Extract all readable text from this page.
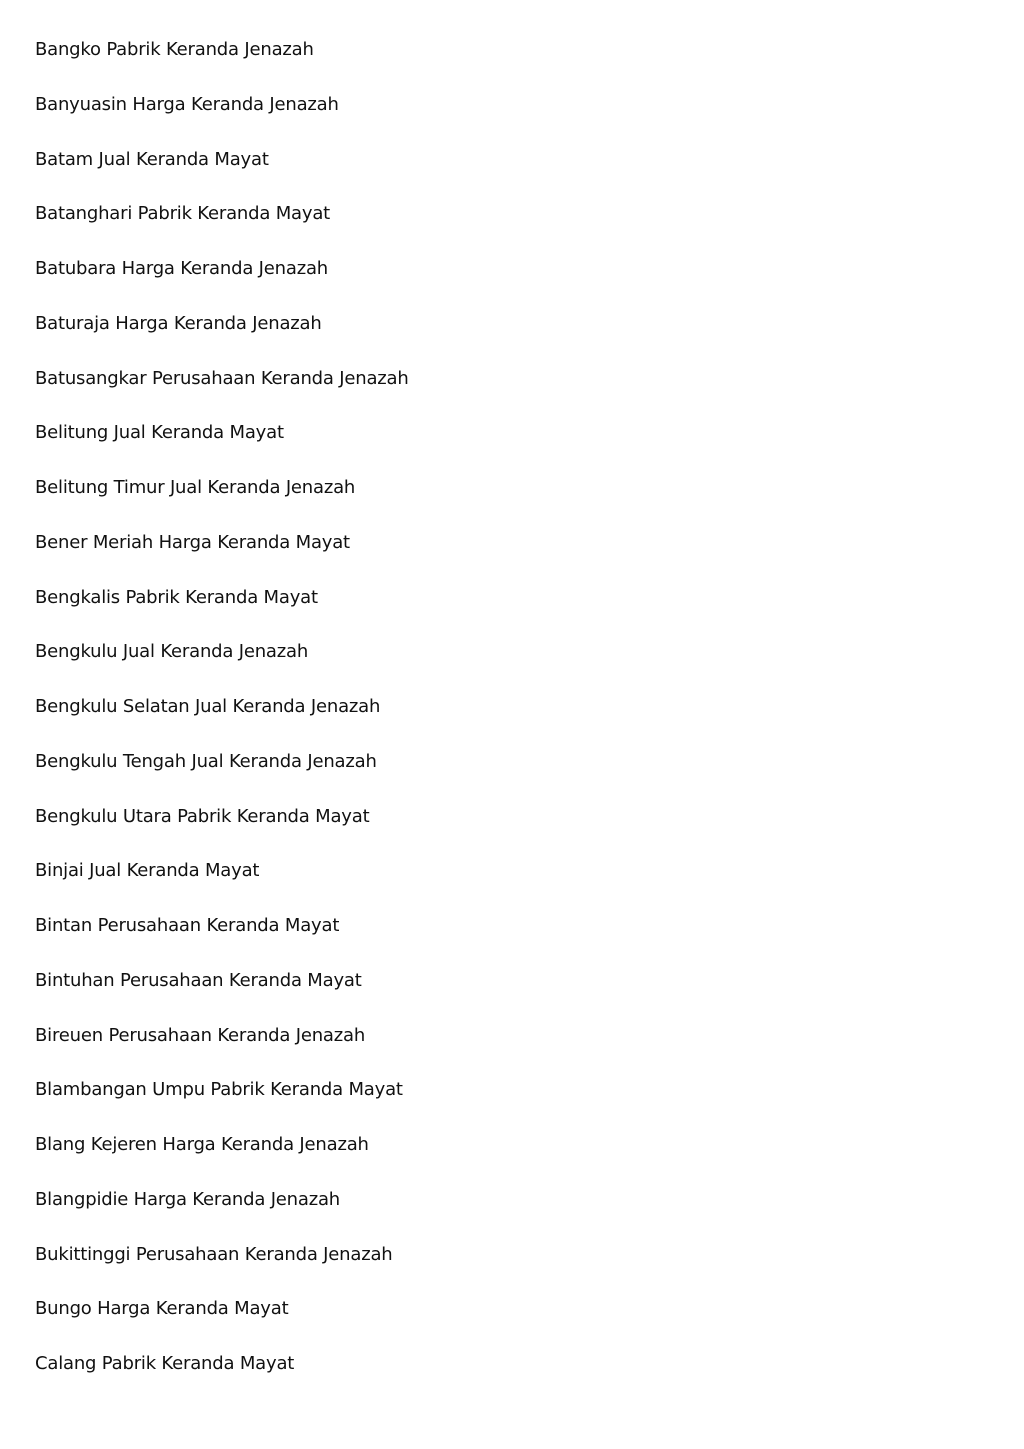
Bangko Pabrik Keranda Jenazah
Banyuasin Harga Keranda Jenazah
Batam Jual Keranda Mayat
Batanghari Pabrik Keranda Mayat
Batubara Harga Keranda Jenazah
Baturaja Harga Keranda Jenazah
Batusangkar Perusahaan Keranda Jenazah
Belitung Jual Keranda Mayat
Belitung Timur Jual Keranda Jenazah
Bener Meriah Harga Keranda Mayat
Bengkalis Pabrik Keranda Mayat
Bengkulu Jual Keranda Jenazah
Bengkulu Selatan Jual Keranda Jenazah
Bengkulu Tengah Jual Keranda Jenazah
Bengkulu Utara Pabrik Keranda Mayat
Binjai Jual Keranda Mayat
Bintan Perusahaan Keranda Mayat
Bintuhan Perusahaan Keranda Mayat
Bireuen Perusahaan Keranda Jenazah
Blambangan Umpu Pabrik Keranda Mayat
Blang Kejeren Harga Keranda Jenazah
Blangpidie Harga Keranda Jenazah
Bukittinggi Perusahaan Keranda Jenazah
Bungo Harga Keranda Mayat
Calang Pabrik Keranda Mayat
